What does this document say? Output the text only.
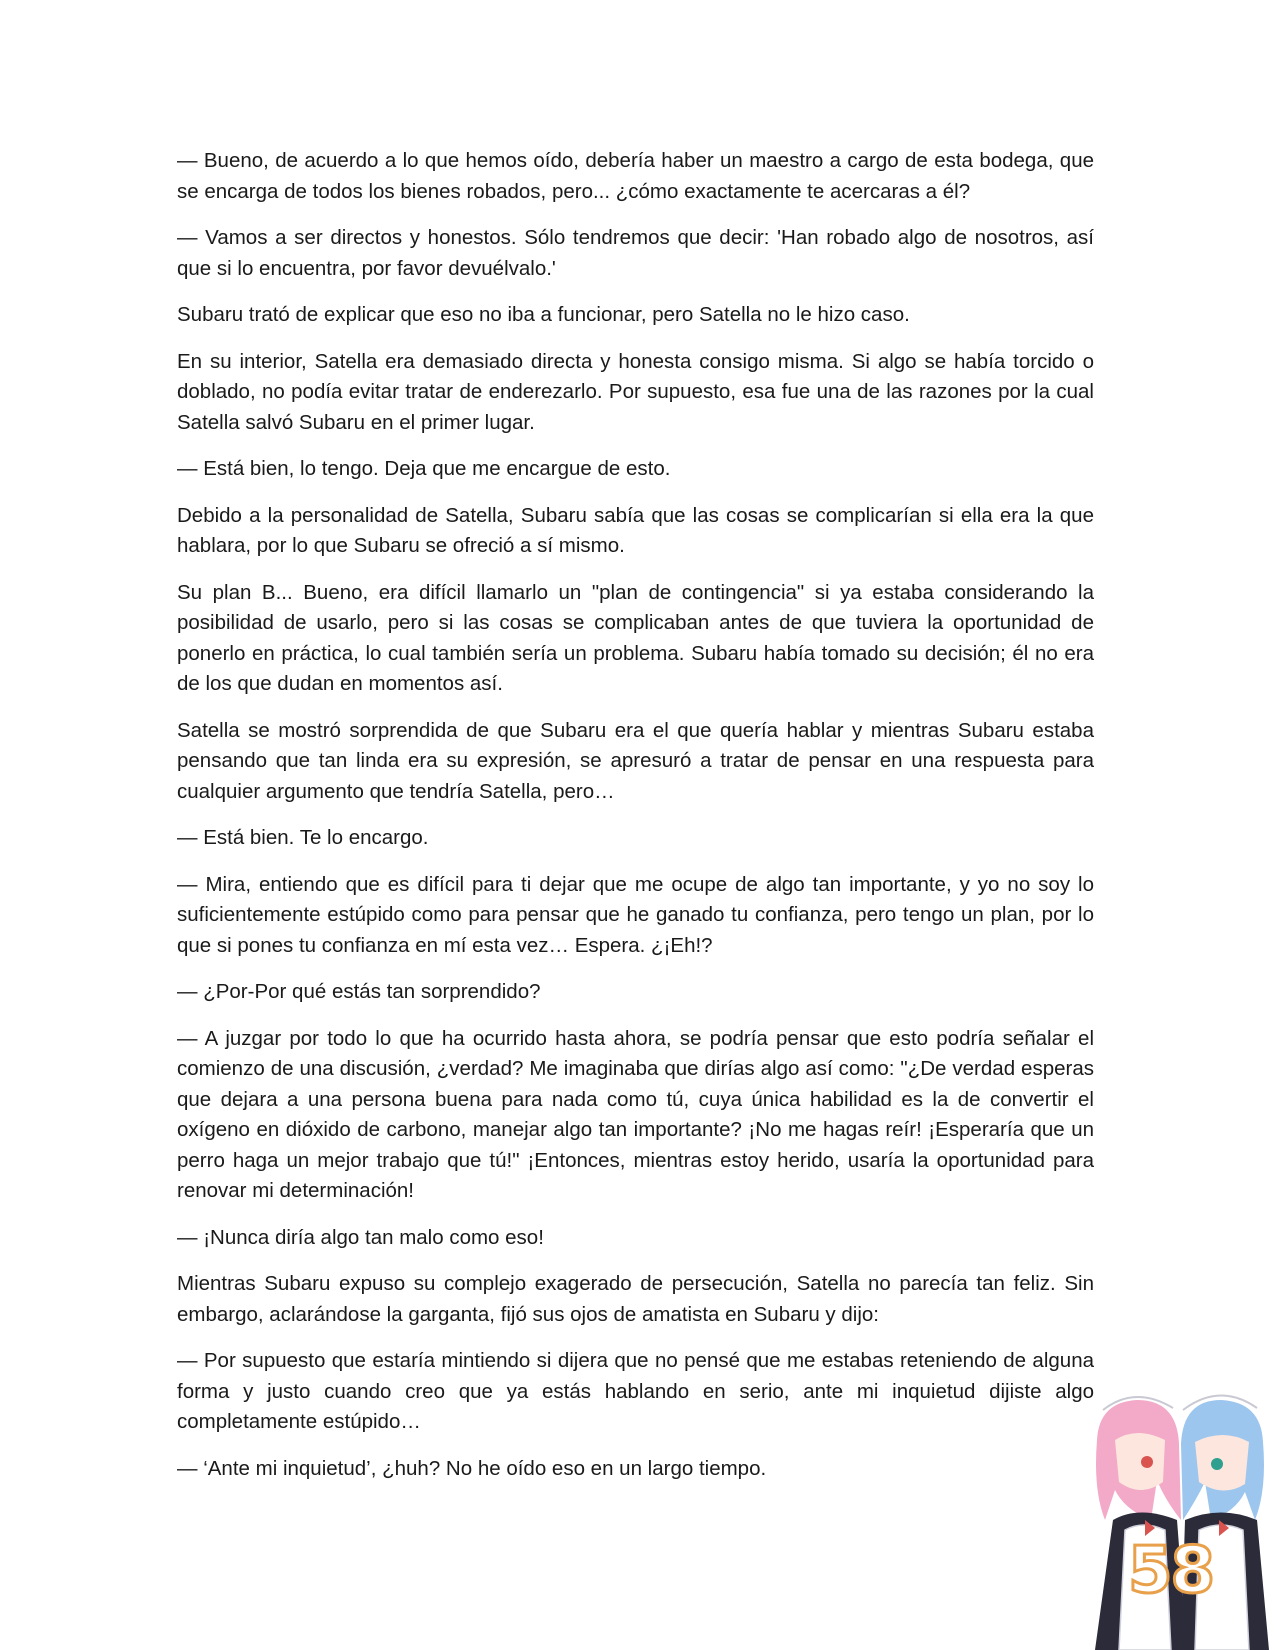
— Bueno, de acuerdo a lo que hemos oído, debería haber un maestro a cargo de esta bodega, que se encarga de todos los bienes robados, pero... ¿cómo exactamente te acercaras a él?

— Vamos a ser directos y honestos. Sólo tendremos que decir: 'Han robado algo de nosotros, así que si lo encuentra, por favor devuélvalo.'

Subaru trató de explicar que eso no iba a funcionar, pero Satella no le hizo caso.

En su interior, Satella era demasiado directa y honesta consigo misma. Si algo se había torcido o doblado, no podía evitar tratar de enderezarlo. Por supuesto, esa fue una de las razones por la cual Satella salvó Subaru en el primer lugar.

— Está bien, lo tengo. Deja que me encargue de esto.

Debido a la personalidad de Satella, Subaru sabía que las cosas se complicarían si ella era la que hablara, por lo que Subaru se ofreció a sí mismo.

Su plan B... Bueno, era difícil llamarlo un "plan de contingencia" si ya estaba considerando la posibilidad de usarlo, pero si las cosas se complicaban antes de que tuviera la oportunidad de ponerlo en práctica, lo cual también sería un problema. Subaru había tomado su decisión; él no era de los que dudan en momentos así.

Satella se mostró sorprendida de que Subaru era el que quería hablar y mientras Subaru estaba pensando que tan linda era su expresión, se apresuró a tratar de pensar en una respuesta para cualquier argumento que tendría Satella, pero…

— Está bien. Te lo encargo.

— Mira, entiendo que es difícil para ti dejar que me ocupe de algo tan importante, y yo no soy lo suficientemente estúpido como para pensar que he ganado tu confianza, pero tengo un plan, por lo que si pones tu confianza en mí esta vez… Espera. ¿¡Eh!?

— ¿Por-Por qué estás tan sorprendido?

— A juzgar por todo lo que ha ocurrido hasta ahora, se podría pensar que esto podría señalar el comienzo de una discusión, ¿verdad? Me imaginaba que dirías algo así como: "¿De verdad esperas que dejara a una persona buena para nada como tú, cuya única habilidad es la de convertir el oxígeno en dióxido de carbono, manejar algo tan importante? ¡No me hagas reír! ¡Esperaría que un perro haga un mejor trabajo que tú!" ¡Entonces, mientras estoy herido, usaría la oportunidad para renovar mi determinación!

— ¡Nunca diría algo tan malo como eso!

Mientras Subaru expuso su complejo exagerado de persecución, Satella no parecía tan feliz. Sin embargo, aclarándose la garganta, fijó sus ojos de amatista en Subaru y dijo:

— Por supuesto que estaría mintiendo si dijera que no pensé que me estabas reteniendo de alguna forma y justo cuando creo que ya estás hablando en serio, ante mi inquietud dijiste algo completamente estúpido…

— ‘Ante mi inquietud’, ¿huh? No he oído eso en un largo tiempo.

58
